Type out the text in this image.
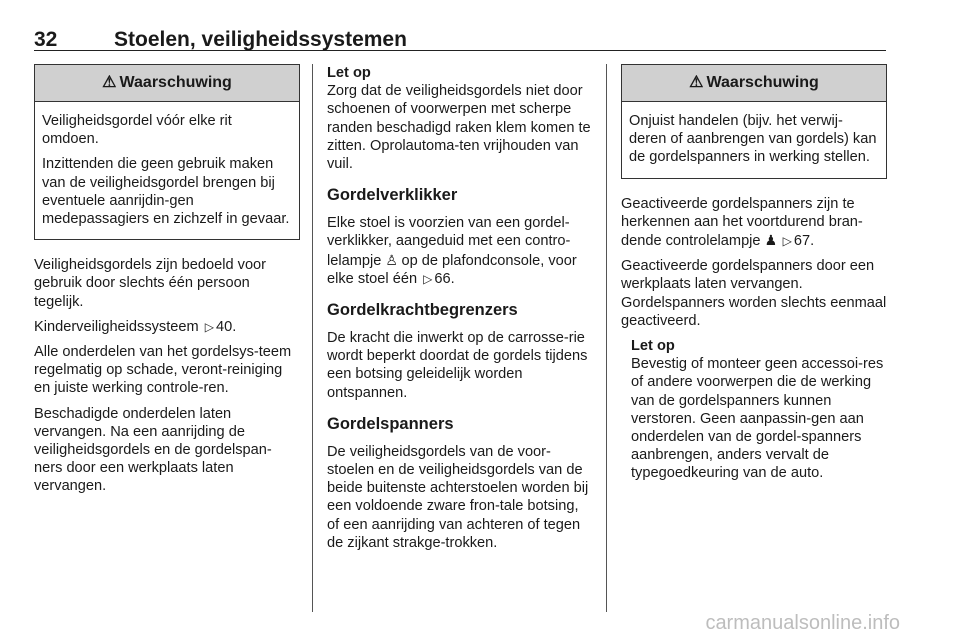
32	Stoelen, veiligheidssystemen
⚠ Waarschuwing

Veiligheidsgordel vóór elke rit omdoen.

Inzittenden die geen gebruik maken van de veiligheidsgordel brengen bij eventuele aanrijdin-gen medepassagiers en zichzelf in gevaar.

Veiligheidsgordels zijn bedoeld voor gebruik door slechts één persoon tegelijk.

Kinderveiligheidssysteem ▷ 40.

Alle onderdelen van het gordelsys-teem regelmatig op schade, veront-reiniging en juiste werking controle-ren.

Beschadigde onderdelen laten vervangen. Na een aanrijding de veiligheidsgordels en de gordelspan-ners door een werkplaats laten vervangen.

Let op
Zorg dat de veiligheidsgordels niet door schoenen of voorwerpen met scherpe randen beschadigd raken klem komen te zitten. Oprolautoma-ten vrijhouden van vuil.
Gordelverklikker

Elke stoel is voorzien van een gordel-verklikker, aangeduid met een contro-lelampje ♙ op de plafondconsole, voor elke stoel één ▷ 66.

Gordelkrachtbegrenzers

De kracht die inwerkt op de carrosse-rie wordt beperkt doordat de gordels tijdens een botsing geleidelijk worden ontspannen.

Gordelspanners

De veiligheidsgordels van de voor-stoelen en de veiligheidsgordels van de beide buitenste achterstoelen worden bij een voldoende zware fron-tale botsing, of een aanrijding van achteren of tegen de zijkant strakge-trokken.

⚠ Waarschuwing

Onjuist handelen (bijv. het verwij-deren of aanbrengen van gordels) kan de gordelspanners in werking stellen.

Geactiveerde gordelspanners zijn te herkennen aan het voortdurend bran-dende controlelampje ♟ ▷ 67.

Geactiveerde gordelspanners door een werkplaats laten vervangen. Gordelspanners worden slechts eenmaal geactiveerd.

Let op
Bevestig of monteer geen accessoi-res of andere voorwerpen die de werking van de gordelspanners kunnen verstoren. Geen aanpassin-gen aan onderdelen van de gordel-spanners aanbrengen, anders vervalt de typegoedkeuring van de auto.
carmanualsonline.info
